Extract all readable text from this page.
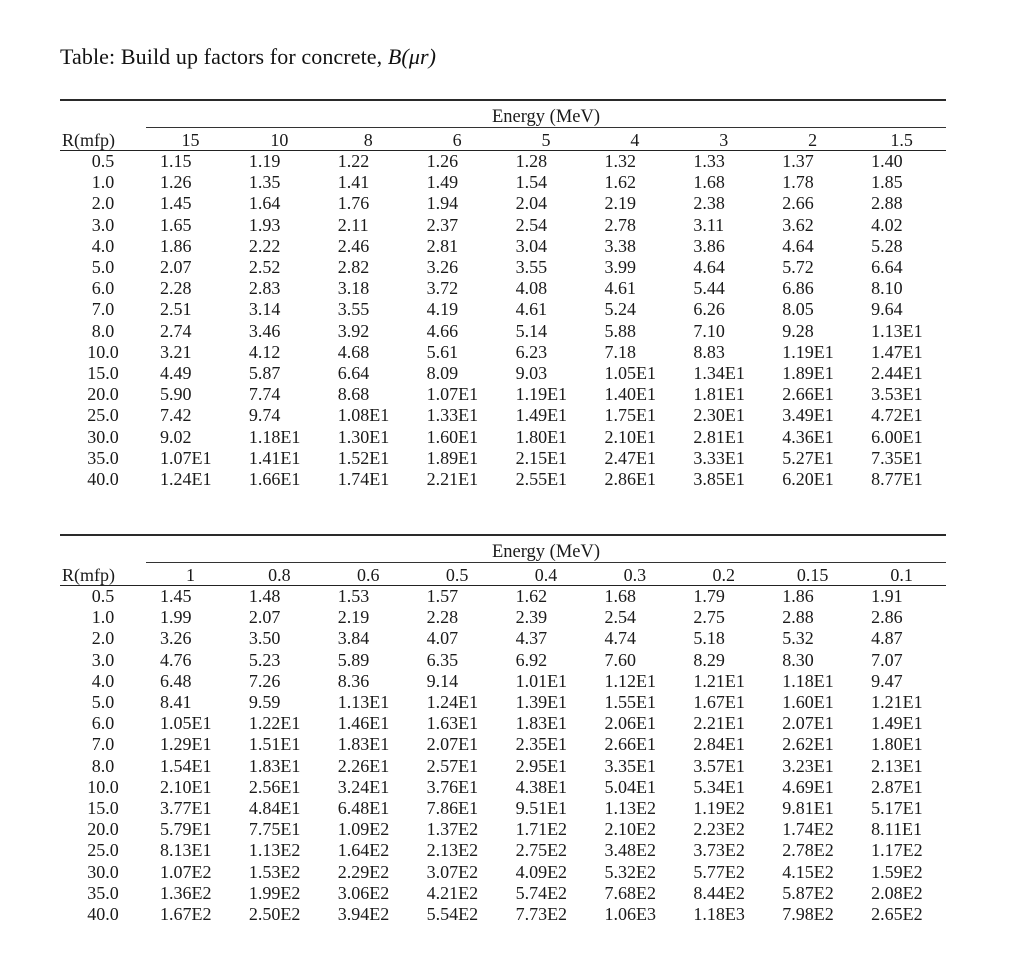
Table: Build up factors for concrete, B(μr)

	Energy (MeV)								
R(mfp)	15	10	8	6	5	4	3	2	1.5
0.5	1.15	1.19	1.22	1.26	1.28	1.32	1.33	1.37	1.40
1.0	1.26	1.35	1.41	1.49	1.54	1.62	1.68	1.78	1.85
2.0	1.45	1.64	1.76	1.94	2.04	2.19	2.38	2.66	2.88
3.0	1.65	1.93	2.11	2.37	2.54	2.78	3.11	3.62	4.02
4.0	1.86	2.22	2.46	2.81	3.04	3.38	3.86	4.64	5.28
5.0	2.07	2.52	2.82	3.26	3.55	3.99	4.64	5.72	6.64
6.0	2.28	2.83	3.18	3.72	4.08	4.61	5.44	6.86	8.10
7.0	2.51	3.14	3.55	4.19	4.61	5.24	6.26	8.05	9.64
8.0	2.74	3.46	3.92	4.66	5.14	5.88	7.10	9.28	1.13E1
10.0	3.21	4.12	4.68	5.61	6.23	7.18	8.83	1.19E1	1.47E1
15.0	4.49	5.87	6.64	8.09	9.03	1.05E1	1.34E1	1.89E1	2.44E1
20.0	5.90	7.74	8.68	1.07E1	1.19E1	1.40E1	1.81E1	2.66E1	3.53E1
25.0	7.42	9.74	1.08E1	1.33E1	1.49E1	1.75E1	2.30E1	3.49E1	4.72E1
30.0	9.02	1.18E1	1.30E1	1.60E1	1.80E1	2.10E1	2.81E1	4.36E1	6.00E1
35.0	1.07E1	1.41E1	1.52E1	1.89E1	2.15E1	2.47E1	3.33E1	5.27E1	7.35E1
40.0	1.24E1	1.66E1	1.74E1	2.21E1	2.55E1	2.86E1	3.85E1	6.20E1	8.77E1

	Energy (MeV)								
R(mfp)	1	0.8	0.6	0.5	0.4	0.3	0.2	0.15	0.1
0.5	1.45	1.48	1.53	1.57	1.62	1.68	1.79	1.86	1.91
1.0	1.99	2.07	2.19	2.28	2.39	2.54	2.75	2.88	2.86
2.0	3.26	3.50	3.84	4.07	4.37	4.74	5.18	5.32	4.87
3.0	4.76	5.23	5.89	6.35	6.92	7.60	8.29	8.30	7.07
4.0	6.48	7.26	8.36	9.14	1.01E1	1.12E1	1.21E1	1.18E1	9.47
5.0	8.41	9.59	1.13E1	1.24E1	1.39E1	1.55E1	1.67E1	1.60E1	1.21E1
6.0	1.05E1	1.22E1	1.46E1	1.63E1	1.83E1	2.06E1	2.21E1	2.07E1	1.49E1
7.0	1.29E1	1.51E1	1.83E1	2.07E1	2.35E1	2.66E1	2.84E1	2.62E1	1.80E1
8.0	1.54E1	1.83E1	2.26E1	2.57E1	2.95E1	3.35E1	3.57E1	3.23E1	2.13E1
10.0	2.10E1	2.56E1	3.24E1	3.76E1	4.38E1	5.04E1	5.34E1	4.69E1	2.87E1
15.0	3.77E1	4.84E1	6.48E1	7.86E1	9.51E1	1.13E2	1.19E2	9.81E1	5.17E1
20.0	5.79E1	7.75E1	1.09E2	1.37E2	1.71E2	2.10E2	2.23E2	1.74E2	8.11E1
25.0	8.13E1	1.13E2	1.64E2	2.13E2	2.75E2	3.48E2	3.73E2	2.78E2	1.17E2
30.0	1.07E2	1.53E2	2.29E2	3.07E2	4.09E2	5.32E2	5.77E2	4.15E2	1.59E2
35.0	1.36E2	1.99E2	3.06E2	4.21E2	5.74E2	7.68E2	8.44E2	5.87E2	2.08E2
40.0	1.67E2	2.50E2	3.94E2	5.54E2	7.73E2	1.06E3	1.18E3	7.98E2	2.65E2
